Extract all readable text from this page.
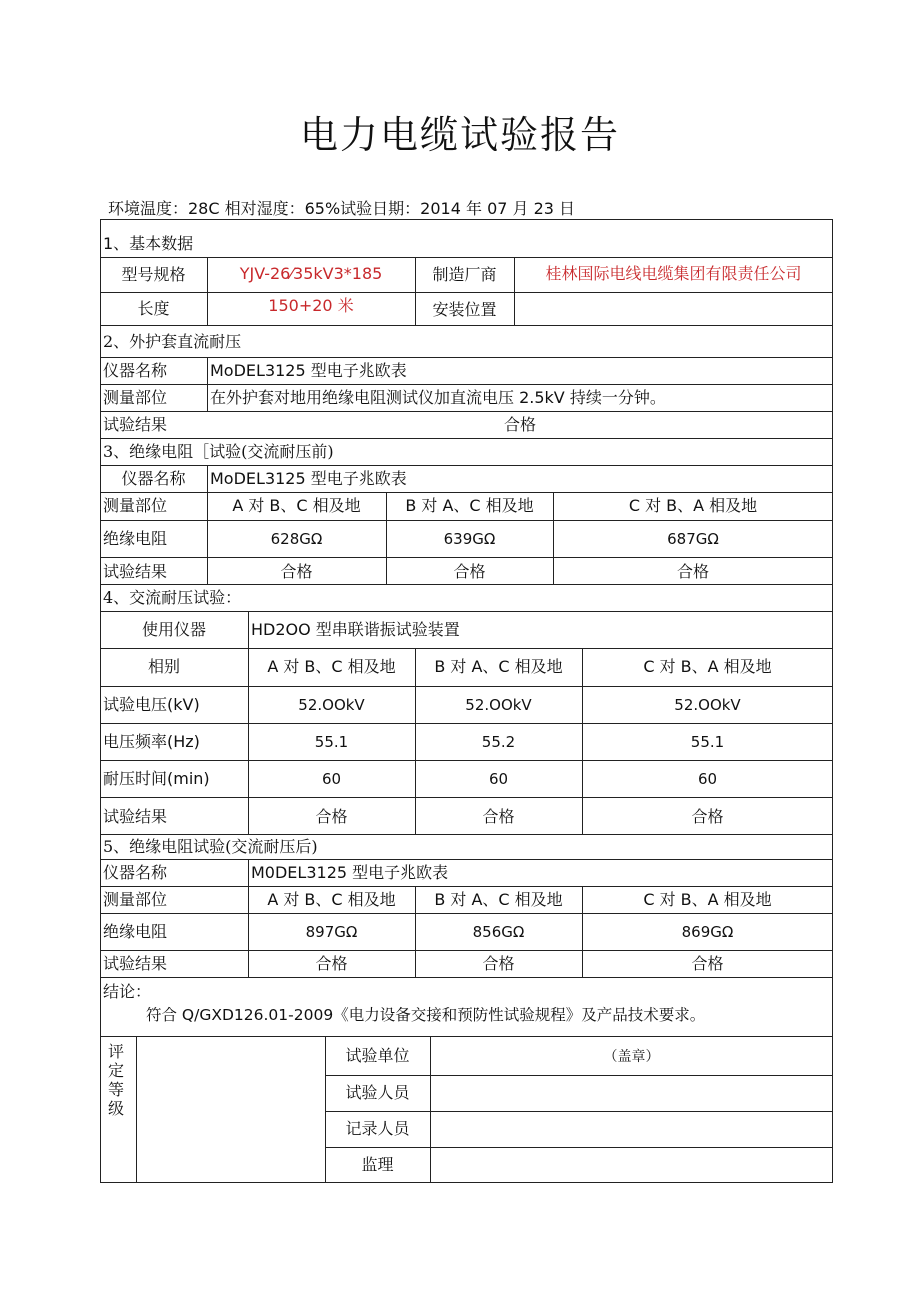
电力电缆试验报告
环境温度：28C 相对湿度：65%试验日期：2014 年 07 月 23 日
1、基本数据
型号规格	YJV-26⁄35kV3*185	制造厂商	桂林国际电线电缆集团有限责任公司
长度	150+20 米	安装位置
2、外护套直流耐压
仪器名称	MoDEL3125 型电子兆欧表
测量部位	在外护套对地用绝缘电阻测试仪加直流电压 2.5kV 持续一分钟。
试验结果	合格
3、绝缘电阻［试验(交流耐压前)
仪器名称	MoDEL3125 型电子兆欧表
测量部位	A 对 B、C 相及地	B 对 A、C 相及地	C 对 B、A 相及地
绝缘电阻	628GΩ	639GΩ	687GΩ
试验结果	合格	合格	合格
4、交流耐压试验：
使用仪器	HD2OO 型串联谐振试验装置
相别	A 对 B、C 相及地	B 对 A、C 相及地	C 对 B、A 相及地
试验电压(kV)	52.OOkV	52.OOkV	52.OOkV
电压频率(Hz)	55.1	55.2	55.1
耐压时间(min)	60	60	60
试验结果	合格	合格	合格
5、绝缘电阻试验(交流耐压后)
仪器名称	M0DEL3125 型电子兆欧表
测量部位	A 对 B、C 相及地	B 对 A、C 相及地	C 对 B、A 相及地
绝缘电阻	897GΩ	856GΩ	869GΩ
试验结果	合格	合格	合格
结论：
符合 Q/GXD126.01-2009《电力设备交接和预防性试验规程》及产品技术要求。
评定等级
试验单位	（盖章）
试验人员
记录人员
监理
